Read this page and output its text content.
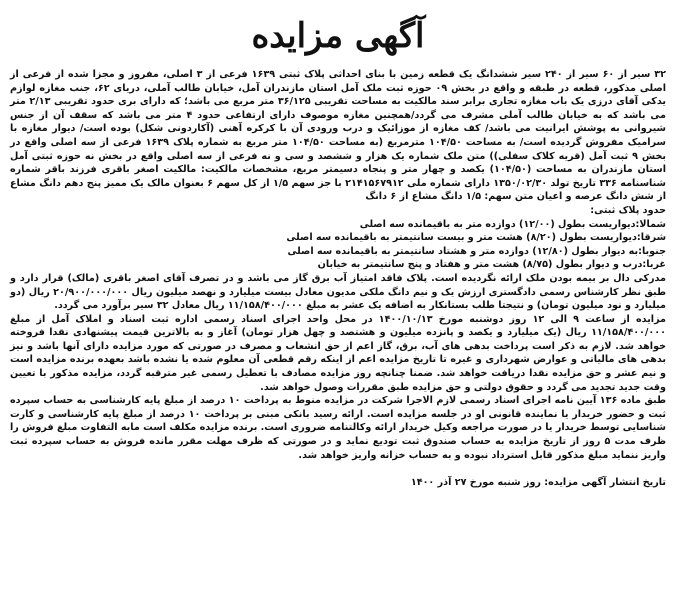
آگهی مزایده

۳۲ سیر از ۶۰ سیر از ۲۴۰ سیر ششدانگ یک قطعه زمین با بنای احداثی پلاک ثبتی ۱۶۳۹ فرعی از ۳ اصلی، مفروز و مجزا شده از فرعی از اصلی مذکور، قطعه در طبقه و واقع در بخش ۰۹ حوزه ثبت ملک آمل استان مازندران آمل، خیابان طالب آملی، دریای ۶۲، جنب مغازه لوازم یدکی آقای درزی یک باب مغازه تجاری برابر سند مالکیت به مساحت تقریبی ۳۶/۱۲۵ متر مربع می باشد؛ که دارای بری حدود تقریبی ۲/۱۳ متر می باشد که به خیابان طالب آملی مشرف می گردد/همچنین مغازه موصوف دارای ارتفاعی حدود ۴ متر می باشد که سقف آن از جنس شیروانی به پوشش ایرانیت می باشد/ کف مغازه از موزائیک و درب ورودی آن با کرکره آهنی (آکاردونی شکل) بوده است/ دیوار مغازه با سرامیک مفروش گردیده است/ به مساحت ۱۰۴/۵۰ مترمربع (به مساحت ۱۰۴/۵۰ متر مربع به شماره پلاک ۱۶۳۹ فرعی از سه اصلی واقع در بخش ۹ ثبت آمل (قریه کلاک سفلی)) متن ملک شماره یک هزار و ششصد و سی و نه فرعی از سه اصلی واقع در بخش نه حوزه ثبتی آمل استان مازندران به مساحت (۱۰۴/۵۰) یکصد و چهار متر و پنجاه دسیمتر مربع، مشخصات مالکیت: مالکیت اصغر باقری فرزند باقر شماره شناسنامه ۳۳۶ تاریخ تولد ۱۳۵۰/۰۲/۳۰ دارای شماره ملی ۲۱۴۱۵۶۷۹۱۲ با جز سهم ۱/۵ از کل سهم ۶ بعنوان مالک یک ممیز پنج دهم دانگ مشاع از شش دانگ عرصه و اعیان متن سهم: ۱/۵ دانگ مشاع از ۶ دانگ

حدود پلاک ثبتی:

شمالا:دیواریست بطول (۱۲/۰۰) دوازده متر به باقیمانده سه اصلی

شرقا:دیواریست بطول (۸/۲۰) هشت متر و بیست سانتیمتر به باقیمانده سه اصلی

جنوبا:به دیوار بطول (۱۲/۸۰) دوازده متر و هشتاد سانتیمتر به باقیمانده سه اصلی

غربا:درب و دیوار بطول (۸/۷۵) هشت متر و هفتاد و پنج سانتیمتر به خیابان

مدرکی دال بر بیمه بودن ملک ارائه نگردیده است. پلاک فاقد امتیاز آب برق گاز می باشد و در تصرف آقای اصغر باقری (مالک) قرار دارد و طبق نظر کارشناس رسمی دادگستری ارزش یک و نیم دانگ ملکی مدیون معادل بیست میلیارد و نهصد میلیون ریال ۲۰/۹۰۰/۰۰۰/۰۰۰ ریال (دو میلیارد و نود میلیون تومان) و نتیجتا طلب بستانکار به اضافه یک عشر به مبلغ ۱۱/۱۵۸/۴۰۰/۰۰۰ ریال معادل ۳۲ سیر برآورد می گردد.

مزایده از ساعت ۹ الی ۱۲ روز دوشنبه مورخ ۱۴۰۰/۱۰/۱۳ در محل واحد اجرای اسناد رسمی اداره ثبت اسناد و املاک آمل از مبلغ ۱۱/۱۵۸/۴۰۰/۰۰۰ ریال (یک میلیارد و یکصد و پانزده میلیون و هشتصد و چهل هزار تومان) آغاز و به بالاترین قیمت پیشنهادی نقدا فروخته خواهد شد. لازم به ذکر است پرداخت بدهی های آب، برق، گاز اعم از حق انشعاب و مصرف در صورتی که مورد مزایده دارای آنها باشد و نیز بدهی های مالیاتی و عوارض شهرداری و غیره تا تاریخ مزایده اعم از اینکه رقم قطعی آن معلوم شده یا نشده باشد بعهده برنده مزایده است و نیم عشر و حق مزایده نقدا دریافت خواهد شد. ضمنا چنانچه روز مزایده مصادف با تعطیل رسمی غیر مترقبه گردد، مزایده مذکور با تعیین وقت جدید تجدید می گردد و حقوق دولتی و حق مزایده طبق مقررات وصول خواهد شد.

طبق ماده ۱۳۶ آیین نامه اجرای اسناد رسمی لازم الاجرا شرکت در مزایده منوط به پرداخت ۱۰ درصد از مبلغ پایه کارشناسی به حساب سپرده ثبت و حضور خریدار یا نماینده قانونی او در جلسه مزایده است. ارائه رسید بانکی مبنی بر پرداخت ۱۰ درصد از مبلغ پایه کارشناسی و کارت شناسایی توسط خریدار یا در صورت مراجعه وکیل خریدار ارائه وکالتنامه ضروری است. برنده مزایده مکلف است مابه التفاوت مبلغ فروش را ظرف مدت ۵ روز از تاریخ مزایده به حساب صندوق ثبت تودیع نماید و در صورتی که ظرف مهلت مقرر مانده فروش به حساب سپرده ثبت واریز ننماید مبلغ مذکور قابل استرداد نبوده و به حساب خزانه واریز خواهد شد.

تاریخ انتشار آگهی مزایده: روز شنبه مورخ ۲۷ آذر ۱۴۰۰
